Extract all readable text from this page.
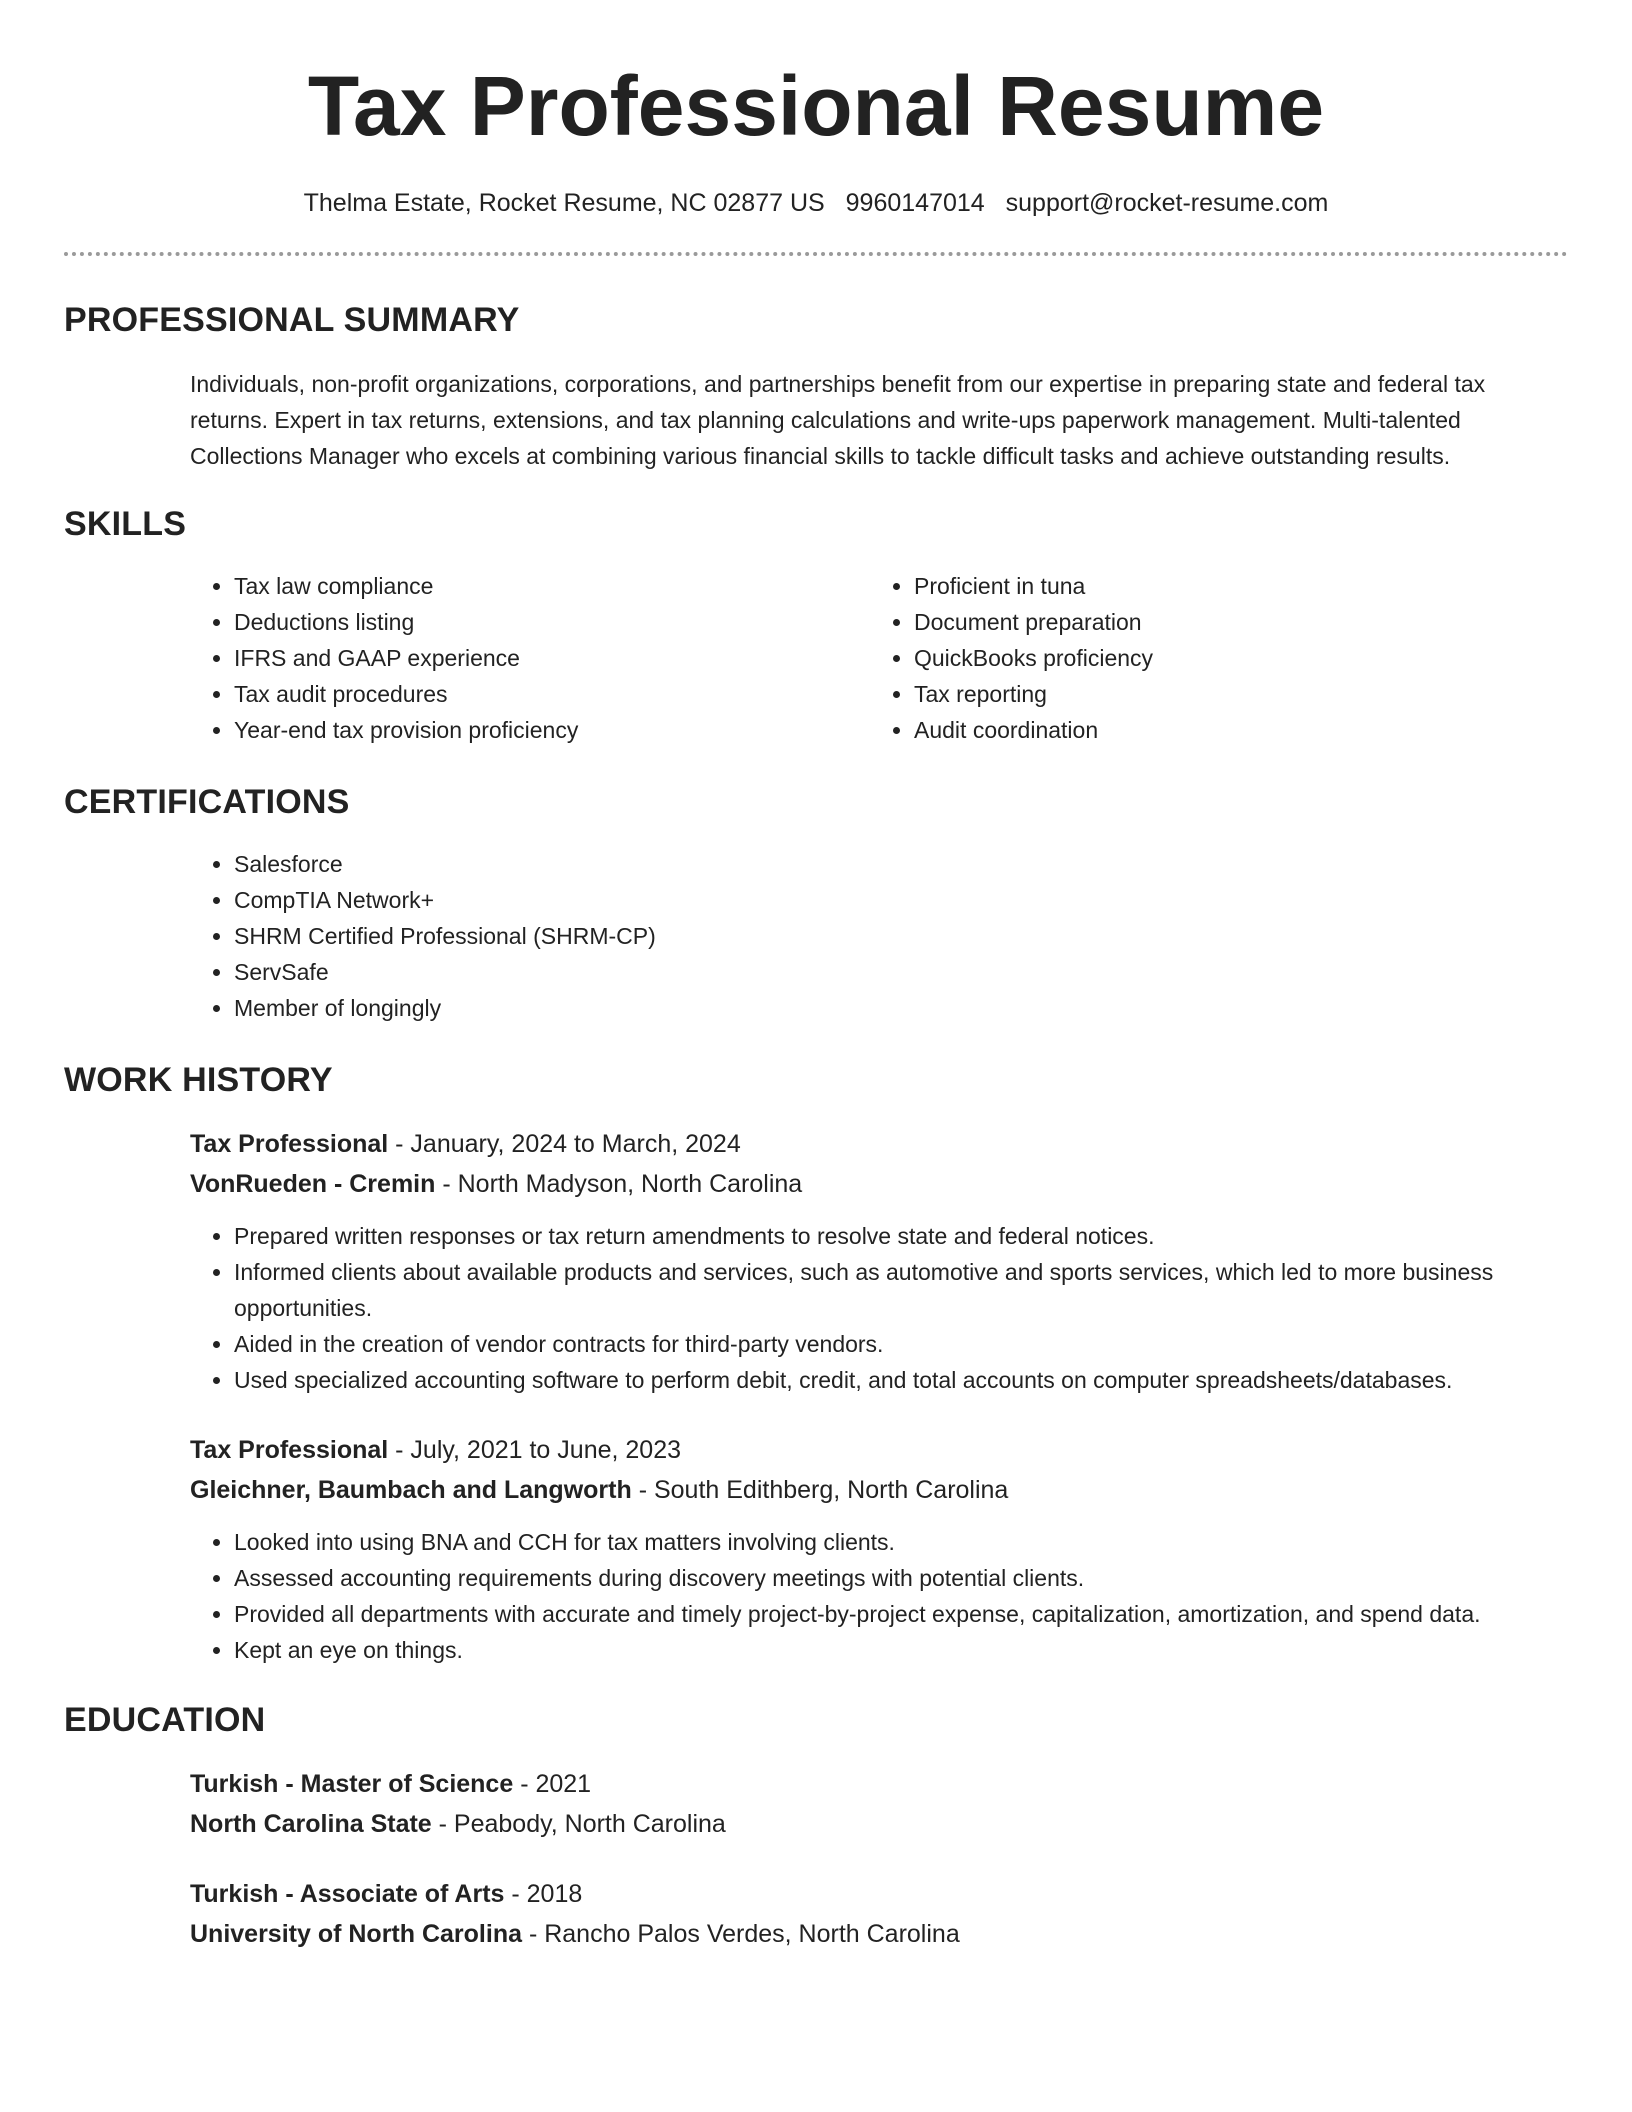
Tax Professional Resume
Thelma Estate, Rocket Resume, NC 02877 US 9960147014 support@rocket-resume.com
PROFESSIONAL SUMMARY

Individuals, non-profit organizations, corporations, and partnerships benefit from our expertise in preparing state and federal tax returns. Expert in tax returns, extensions, and tax planning calculations and write-ups paperwork management. Multi-talented Collections Manager who excels at combining various financial skills to tackle difficult tasks and achieve outstanding results.

SKILLS
• Tax law compliance
• Deductions listing
• IFRS and GAAP experience
• Tax audit procedures
• Year-end tax provision proficiency
• Proficient in tuna
• Document preparation
• QuickBooks proficiency
• Tax reporting
• Audit coordination
CERTIFICATIONS
• Salesforce
• CompTIA Network+
• SHRM Certified Professional (SHRM-CP)
• ServSafe
• Member of longingly
WORK HISTORY
Tax Professional - January, 2024 to March, 2024
VonRueden - Cremin - North Madyson, North Carolina
• Prepared written responses or tax return amendments to resolve state and federal notices.
• Informed clients about available products and services, such as automotive and sports services, which led to more business opportunities.
• Aided in the creation of vendor contracts for third-party vendors.
• Used specialized accounting software to perform debit, credit, and total accounts on computer spreadsheets/databases.
Tax Professional - July, 2021 to June, 2023
Gleichner, Baumbach and Langworth - South Edithberg, North Carolina
• Looked into using BNA and CCH for tax matters involving clients.
• Assessed accounting requirements during discovery meetings with potential clients.
• Provided all departments with accurate and timely project-by-project expense, capitalization, amortization, and spend data.
• Kept an eye on things.
EDUCATION
Turkish - Master of Science - 2021
North Carolina State - Peabody, North Carolina
Turkish - Associate of Arts - 2018
University of North Carolina - Rancho Palos Verdes, North Carolina
